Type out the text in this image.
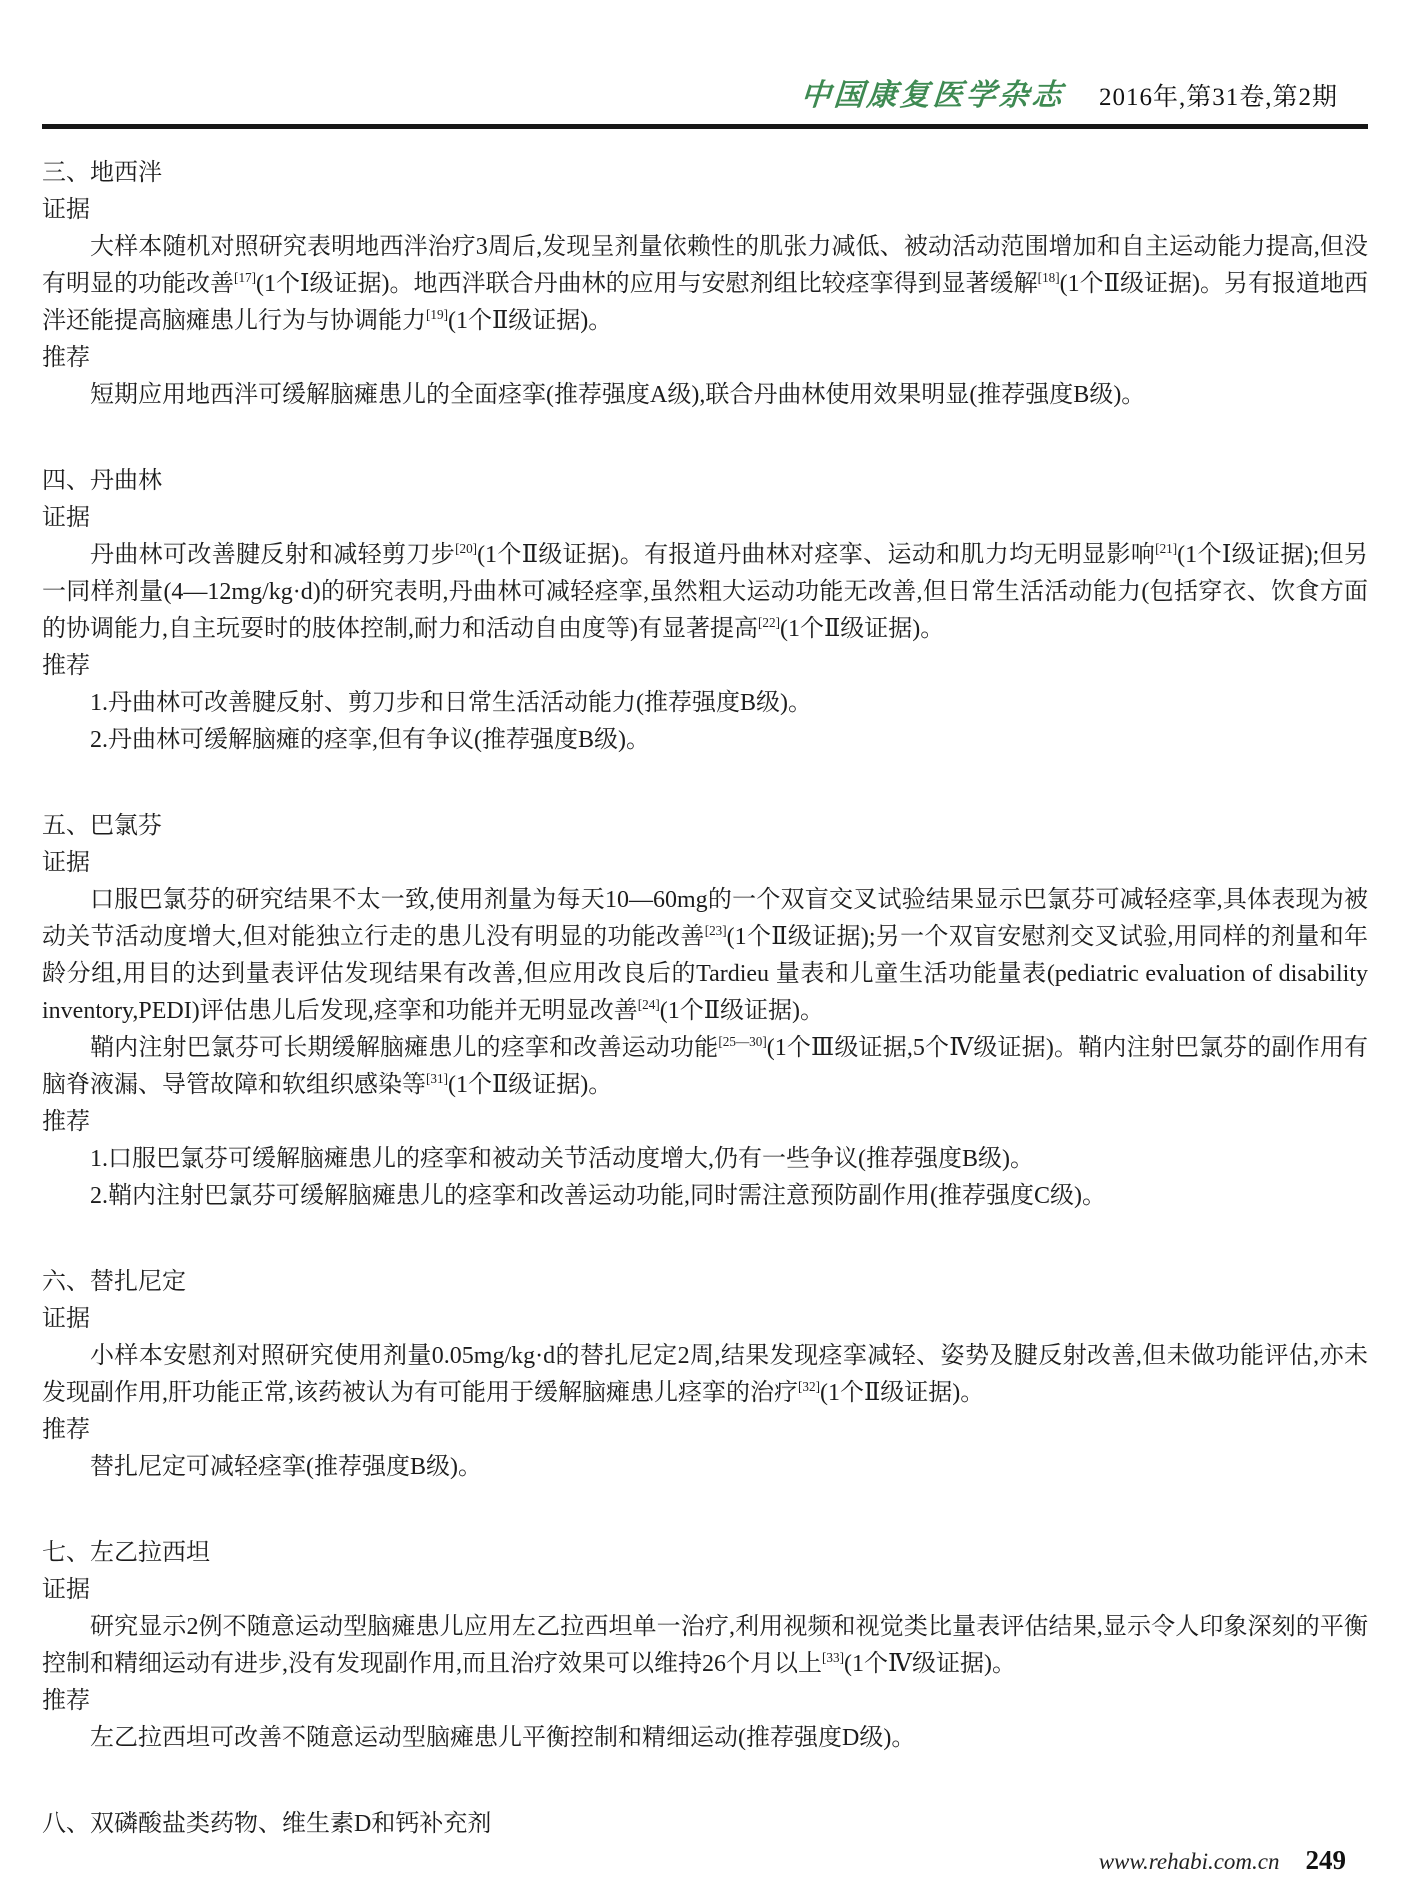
中国康复医学杂志 2016年,第31卷,第2期
三、地西泮
证据

大样本随机对照研究表明地西泮治疗3周后,发现呈剂量依赖性的肌张力减低、被动活动范围增加和自主运动能力提高,但没有明显的功能改善[17](1个Ⅰ级证据)。地西泮联合丹曲林的应用与安慰剂组比较痉挛得到显著缓解[18](1个Ⅱ级证据)。另有报道地西泮还能提高脑瘫患儿行为与协调能力[19](1个Ⅱ级证据)。

推荐

短期应用地西泮可缓解脑瘫患儿的全面痉挛(推荐强度A级),联合丹曲林使用效果明显(推荐强度B级)。

四、丹曲林
证据

丹曲林可改善腱反射和减轻剪刀步[20](1个Ⅱ级证据)。有报道丹曲林对痉挛、运动和肌力均无明显影响[21](1个Ⅰ级证据);但另一同样剂量(4—12mg/kg·d)的研究表明,丹曲林可减轻痉挛,虽然粗大运动功能无改善,但日常生活活动能力(包括穿衣、饮食方面的协调能力,自主玩耍时的肢体控制,耐力和活动自由度等)有显著提高[22](1个Ⅱ级证据)。

推荐

1.丹曲林可改善腱反射、剪刀步和日常生活活动能力(推荐强度B级)。

2.丹曲林可缓解脑瘫的痉挛,但有争议(推荐强度B级)。

五、巴氯芬
证据

口服巴氯芬的研究结果不太一致,使用剂量为每天10—60mg的一个双盲交叉试验结果显示巴氯芬可减轻痉挛,具体表现为被动关节活动度增大,但对能独立行走的患儿没有明显的功能改善[23](1个Ⅱ级证据);另一个双盲安慰剂交叉试验,用同样的剂量和年龄分组,用目的达到量表评估发现结果有改善,但应用改良后的Tardieu 量表和儿童生活功能量表(pediatric evaluation of disability inventory,PEDI)评估患儿后发现,痉挛和功能并无明显改善[24](1个Ⅱ级证据)。

鞘内注射巴氯芬可长期缓解脑瘫患儿的痉挛和改善运动功能[25—30](1个Ⅲ级证据,5个Ⅳ级证据)。鞘内注射巴氯芬的副作用有脑脊液漏、导管故障和软组织感染等[31](1个Ⅱ级证据)。

推荐

1.口服巴氯芬可缓解脑瘫患儿的痉挛和被动关节活动度增大,仍有一些争议(推荐强度B级)。

2.鞘内注射巴氯芬可缓解脑瘫患儿的痉挛和改善运动功能,同时需注意预防副作用(推荐强度C级)。

六、替扎尼定
证据

小样本安慰剂对照研究使用剂量0.05mg/kg·d的替扎尼定2周,结果发现痉挛减轻、姿势及腱反射改善,但未做功能评估,亦未发现副作用,肝功能正常,该药被认为有可能用于缓解脑瘫患儿痉挛的治疗[32](1个Ⅱ级证据)。

推荐

替扎尼定可减轻痉挛(推荐强度B级)。

七、左乙拉西坦
证据

研究显示2例不随意运动型脑瘫患儿应用左乙拉西坦单一治疗,利用视频和视觉类比量表评估结果,显示令人印象深刻的平衡控制和精细运动有进步,没有发现副作用,而且治疗效果可以维持26个月以上[33](1个Ⅳ级证据)。

推荐

左乙拉西坦可改善不随意运动型脑瘫患儿平衡控制和精细运动(推荐强度D级)。

八、双磷酸盐类药物、维生素D和钙补充剂
www.rehabi.com.cn 249
